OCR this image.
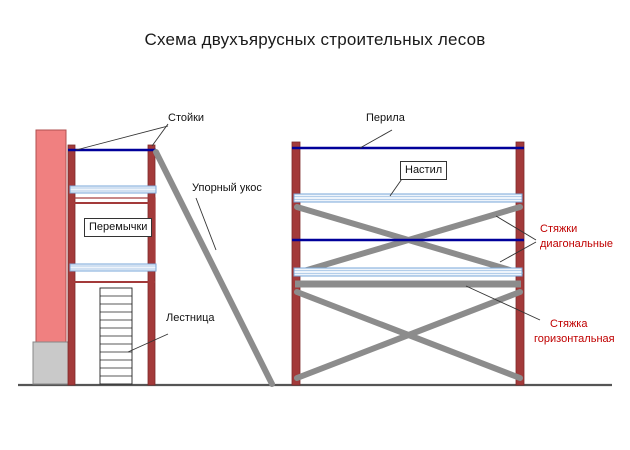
Схема двухъярусных строительных лесов
Стойки	Перила
Настил
Перемычки
Упорный укос
Лестница
Стяжки
диагональные
Стяжка
горизонтальная
